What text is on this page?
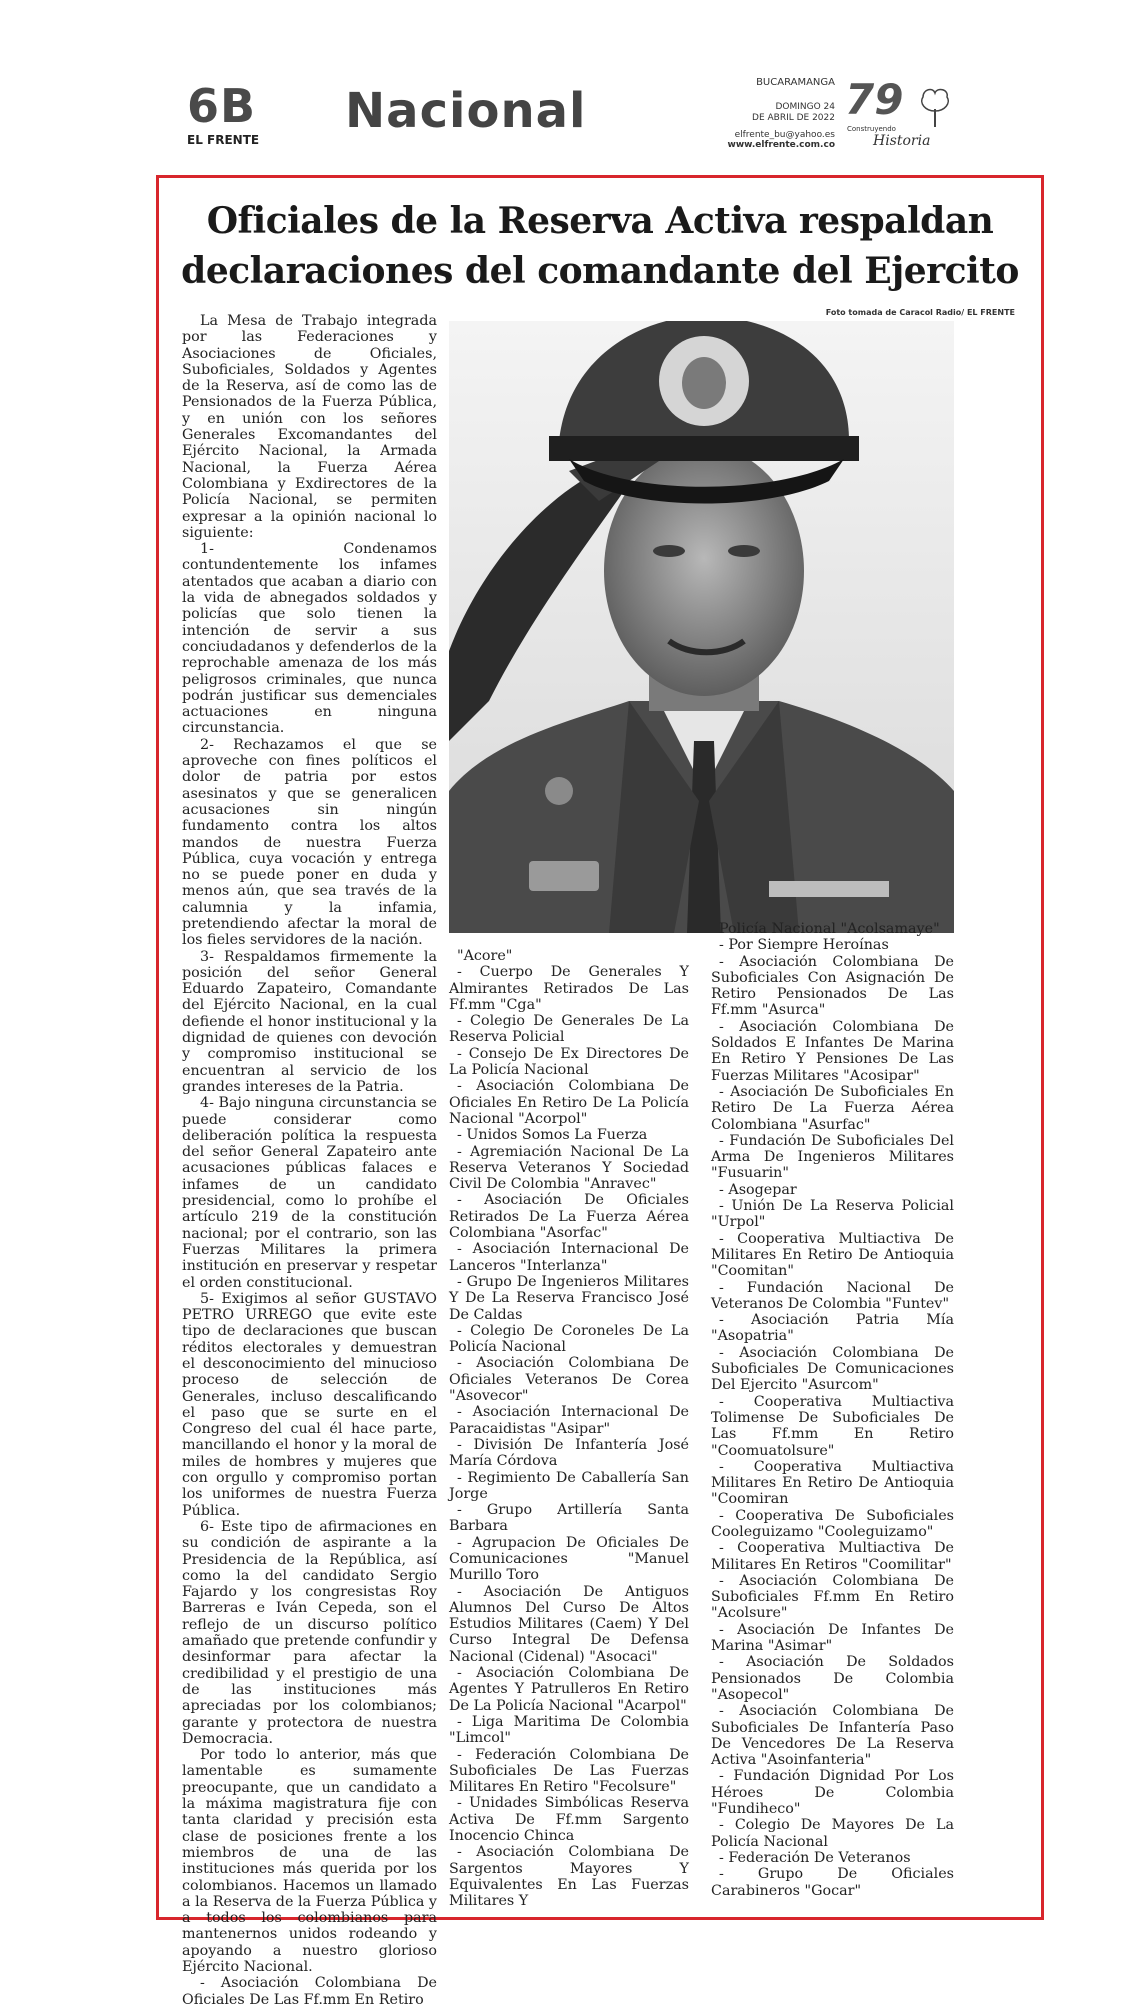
6B
EL FRENTE
Nacional
BUCARAMANGA
DOMINGO 24
DE ABRIL DE 2022
elfrente_bu@yahoo.es
www.elfrente.com.co
79
Construyendo
Historia
Oficiales de la Reserva Activa respaldan
declaraciones del comandante del Ejercito
Foto tomada de Caracol Radio/ EL FRENTE

La Mesa de Trabajo integrada por las Federaciones y Asociaciones de Oficiales, Suboficiales, Soldados y Agentes de la Reserva, así de como las de Pensionados de la Fuerza Pública, y en unión con los señores Generales Excomandantes del Ejército Nacional, la Armada Nacional, la Fuerza Aérea Colombiana y Exdirectores de la Policía Nacional, se permiten expresar a la opinión nacional lo siguiente:

1- Condenamos contundentemente los infames atentados que acaban a diario con la vida de abnegados soldados y policías que solo tienen la intención de servir a sus conciudadanos y defenderlos de la reprochable amenaza de los más peligrosos criminales, que nunca podrán justificar sus demenciales actuaciones en ninguna circunstancia.

2- Rechazamos el que se aproveche con fines políticos el dolor de patria por estos asesinatos y que se generalicen acusaciones sin ningún fundamento contra los altos mandos de nuestra Fuerza Pública, cuya vocación y entrega no se puede poner en duda y menos aún, que sea través de la calumnia y la infamia, pretendiendo afectar la moral de los fieles servidores de la nación.

3- Respaldamos firmemente la posición del señor General Eduardo Zapateiro, Comandante del Ejército Nacional, en la cual defiende el honor institucional y la dignidad de quienes con devoción y compromiso institucional se encuentran al servicio de los grandes intereses de la Patria.

4- Bajo ninguna circunstancia se puede considerar como deliberación política la respuesta del señor General Zapateiro ante acusaciones públicas falaces e infames de un candidato presidencial, como lo prohíbe el artículo 219 de la constitución nacional; por el contrario, son las Fuerzas Militares la primera institución en preservar y respetar el orden constitucional.

5- Exigimos al señor GUSTAVO PETRO URREGO que evite este tipo de declaraciones que buscan réditos electorales y demuestran el desconocimiento del minucioso proceso de selección de Generales, incluso descalificando el paso que se surte en el Congreso del cual él hace parte, mancillando el honor y la moral de miles de hombres y mujeres que con orgullo y compromiso portan los uniformes de nuestra Fuerza Pública.

6- Este tipo de afirmaciones en su condición de aspirante a la Presidencia de la República, así como la del candidato Sergio Fajardo y los congresistas Roy Barreras e Iván Cepeda, son el reflejo de un discurso político amañado que pretende confundir y desinformar para afectar la credibilidad y el prestigio de una de las instituciones más apreciadas por los colombianos; garante y protectora de nuestra Democracia.

Por todo lo anterior, más que lamentable es sumamente preocupante, que un candidato a la máxima magistratura fije con tanta claridad y precisión esta clase de posiciones frente a los miembros de una de las instituciones más querida por los colombianos. Hacemos un llamado a la Reserva de la Fuerza Pública y a todos los colombianos para mantenernos unidos rodeando y apoyando a nuestro glorioso Ejército Nacional.

- Asociación Colombiana De Oficiales De Las Ff.mm En Retiro

"Acore"

- Cuerpo De Generales Y Almirantes Retirados De Las Ff.mm "Cga"

- Colegio De Generales De La Reserva Policial

- Consejo De Ex Directores De La Policía Nacional

- Asociación Colombiana De Oficiales En Retiro De La Policía Nacional "Acorpol"

- Unidos Somos La Fuerza

- Agremiación Nacional De La Reserva Veteranos Y Sociedad Civil De Colombia "Anravec"

- Asociación De Oficiales Retirados De La Fuerza Aérea Colombiana "Asorfac"

- Asociación Internacional De Lanceros "Interlanza"

- Grupo De Ingenieros Militares Y De La Reserva Francisco José De Caldas

- Colegio De Coroneles De La Policía Nacional

- Asociación Colombiana De Oficiales Veteranos De Corea "Asovecor"

- Asociación Internacional De Paracaidistas "Asipar"

- División De Infantería José María Córdova

- Regimiento De Caballería San Jorge

- Grupo Artillería Santa Barbara

- Agrupacion De Oficiales De Comunicaciones "Manuel Murillo Toro

- Asociación De Antiguos Alumnos Del Curso De Altos Estudios Militares (Caem) Y Del Curso Integral De Defensa Nacional (Cidenal) "Asocaci"

- Asociación Colombiana De Agentes Y Patrulleros En Retiro De La Policía Nacional "Acarpol"

- Liga Maritima De Colombia "Limcol"

- Federación Colombiana De Suboficiales De Las Fuerzas Militares En Retiro "Fecolsure"

- Unidades Simbólicas Reserva Activa De Ff.mm Sargento Inocencio Chinca

- Asociación Colombiana De Sargentos Mayores Y Equivalentes En Las Fuerzas Militares Y

Policía Nacional "Acolsamaye"

- Por Siempre Heroínas

- Asociación Colombiana De Suboficiales Con Asignación De Retiro Pensionados De Las Ff.mm "Asurca"

- Asociación Colombiana De Soldados E Infantes De Marina En Retiro Y Pensiones De Las Fuerzas Militares "Acosipar"

- Asociación De Suboficiales En Retiro De La Fuerza Aérea Colombiana "Asurfac"

- Fundación De Suboficiales Del Arma De Ingenieros Militares "Fusuarin"

- Asogepar

- Unión De La Reserva Policial "Urpol"

- Cooperativa Multiactiva De Militares En Retiro De Antioquia "Coomitan"

- Fundación Nacional De Veteranos De Colombia "Funtev"

- Asociación Patria Mía "Asopatria"

- Asociación Colombiana De Suboficiales De Comunicaciones Del Ejercito "Asurcom"

- Cooperativa Multiactiva Tolimense De Suboficiales De Las Ff.mm En Retiro "Coomuatolsure"

- Cooperativa Multiactiva Militares En Retiro De Antioquia "Coomiran

- Cooperativa De Suboficiales Cooleguizamo "Cooleguizamo"

- Cooperativa Multiactiva De Militares En Retiros "Coomilitar"

- Asociación Colombiana De Suboficiales Ff.mm En Retiro "Acolsure"

- Asociación De Infantes De Marina "Asimar"

- Asociación De Soldados Pensionados De Colombia "Asopecol"

- Asociación Colombiana De Suboficiales De Infantería Paso De Vencedores De La Reserva Activa "Asoinfanteria"

- Fundación Dignidad Por Los Héroes De Colombia "Fundiheco"

- Colegio De Mayores De La Policía Nacional

- Federación De Veteranos

- Grupo De Oficiales Carabineros "Gocar"
